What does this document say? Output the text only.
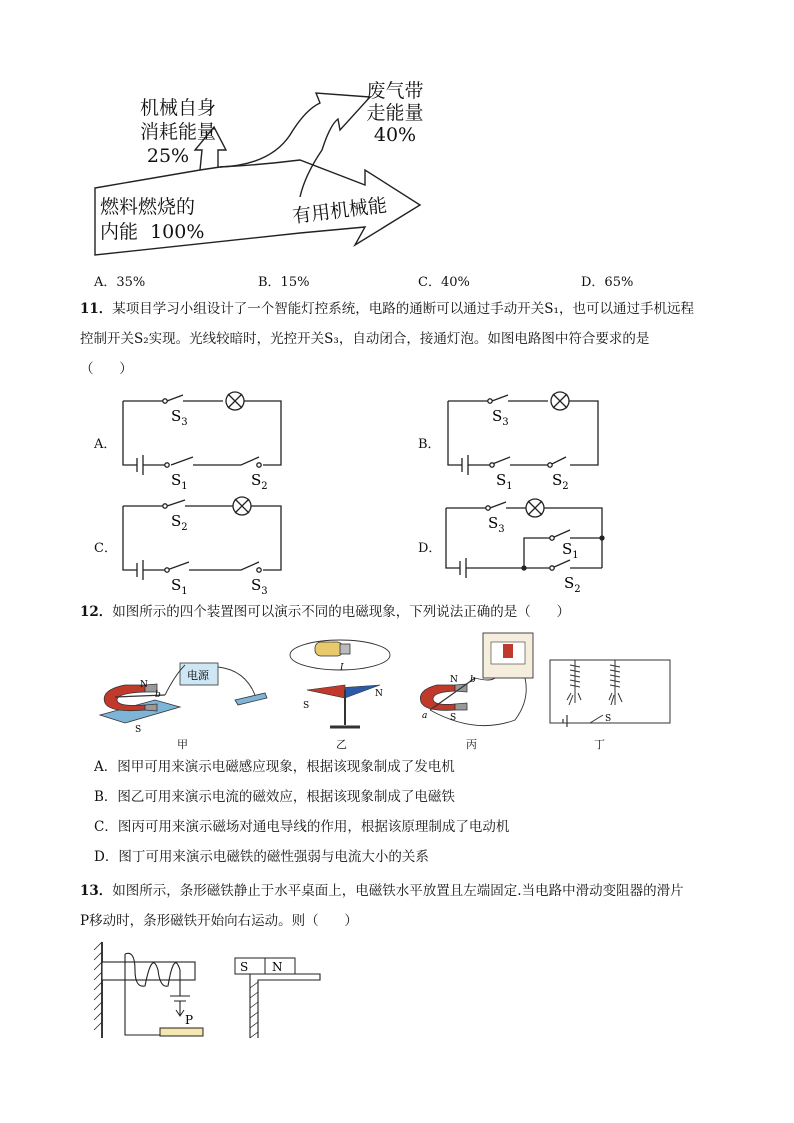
机械自身
消耗能量
25%
废气带
走能量
40%
燃料燃烧的
内能  100%
有用机械能
A．35%	B．15%	C．40%	D．65%
11．某项目学习小组设计了一个智能灯控系统，电路的通断可以通过手动开关S₁，也可以通过手机远程
控制开关S₂实现。光线较暗时，光控开关S₃，自动闭合，接通灯泡。如图电路图中符合要求的是
（      ）
A．
$S_3$
$S_1$	$S_2$
B．
$S_3$
$S_1$	$S_2$
C．
$S_2$
$S_1$	$S_3$
D．
$S_3$
$S_1$
$S_2$
12．如图所示的四个装置图可以演示不同的电磁现象，下列说法正确的是（      ）
电源
N
S
b
甲
S
N
I
乙
N
S
a
b
丙
S
丁
A．图甲可用来演示电磁感应现象，根据该现象制成了发电机
B．图乙可用来演示电流的磁效应，根据该现象制成了电磁铁
C．图丙可用来演示磁场对通电导线的作用，根据该原理制成了电动机
D．图丁可用来演示电磁铁的磁性强弱与电流大小的关系
13．如图所示，条形磁铁静止于水平桌面上，电磁铁水平放置且左端固定.当电路中滑动变阻器的滑片
P移动时，条形磁铁开始向右运动。则（      ）
P
S N
